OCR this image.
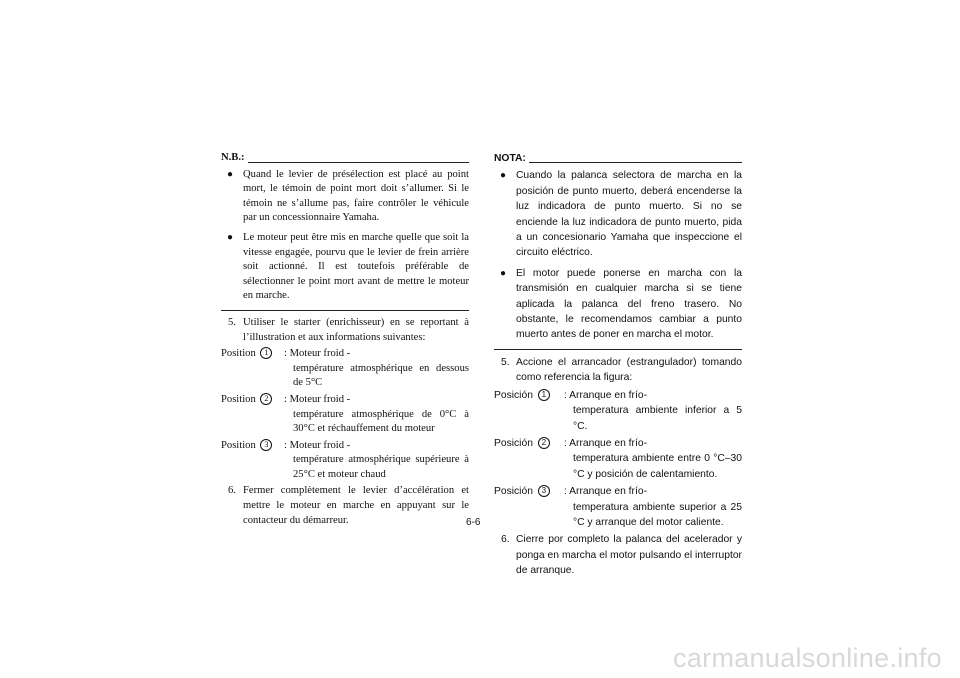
N.B.:
● Quand le levier de présélection est placé au point mort, le témoin de point mort doit s’allumer. Si le témoin ne s’allume pas, faire contrôler le véhicule par un concessionnaire Yamaha.
● Le moteur peut être mis en marche quelle que soit la vitesse engagée, pourvu que le levier de frein arrière soit actionné. Il est toutefois préférable de sélectionner le point mort avant de mettre le moteur en marche.
5. Utiliser le starter (enrichisseur) en se reportant à l’illustration et aux informations suivantes:
Position 1	: Moteur froid -
température atmosphérique en dessous de 5°C
Position 2	: Moteur froid -
température atmosphérique de 0°C à 30°C et réchauffement du moteur
Position 3	: Moteur froid -
température atmosphérique supérieure à 25°C et moteur chaud
6. Fermer complètement le levier d’accélération et mettre le moteur en marche en appuyant sur le contacteur du démarreur.
NOTA:
● Cuando la palanca selectora de marcha en la posición de punto muerto, deberá encenderse la luz indicadora de punto muerto. Si no se enciende la luz indicadora de punto muerto, pida a un concesionario Yamaha que inspeccione el circuito eléctrico.
● El motor puede ponerse en marcha con la transmisión en cualquier marcha si se tiene aplicada la palanca del freno trasero. No obstante, le recomendamos cambiar a punto muerto antes de poner en marcha el motor.
5. Accione el arrancador (estrangulador) tomando como referencia la figura:
Posición 1	: Arranque en frío-
temperatura ambiente inferior a 5 °C.
Posición 2	: Arranque en frío-
temperatura ambiente entre 0 °C–30 °C y posición de calentamiento.
Posición 3	: Arranque en frío-
temperatura ambiente superior a 25 °C y arranque del motor caliente.
6. Cierre por completo la palanca del acelerador y ponga en marcha el motor pulsando el interruptor de arranque.
6-6
carmanualsonline.info
